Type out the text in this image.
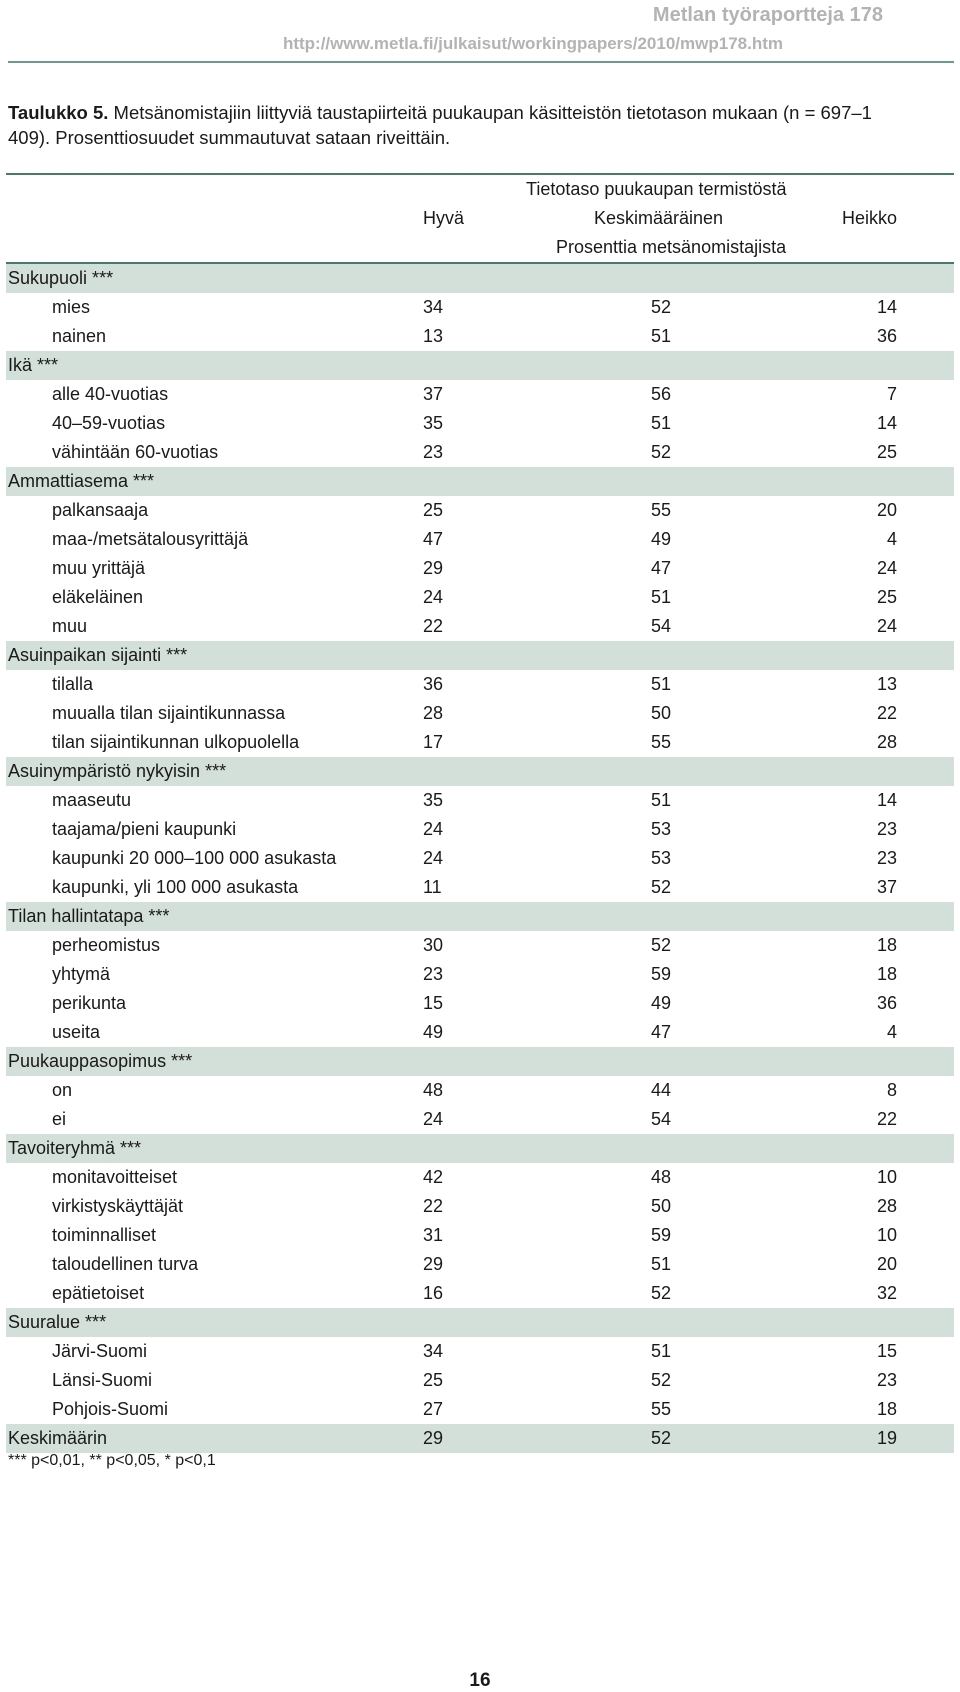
Metlan työraportteja 178
http://www.metla.fi/julkaisut/workingpapers/2010/mwp178.htm
Taulukko 5. Metsänomistajiin liittyviä taustapiirteitä puukaupan käsitteistön tietotason mukaan (n = 697–1 409). Prosenttiosuudet summautuvat sataan riveittäin.
Tietotaso puukaupan termistöstä
Hyvä	Keskimääräinen	Heikko
Prosenttia metsänomistajista
Sukupuoli ***
mies	34	52	14
nainen	13	51	36
Ikä ***
alle 40-vuotias	37	56	7
40–59-vuotias	35	51	14
vähintään 60-vuotias	23	52	25
Ammattiasema ***
palkansaaja	25	55	20
maa-/metsätalousyrittäjä	47	49	4
muu yrittäjä	29	47	24
eläkeläinen	24	51	25
muu	22	54	24
Asuinpaikan sijainti ***
tilalla	36	51	13
muualla tilan sijaintikunnassa	28	50	22
tilan sijaintikunnan ulkopuolella	17	55	28
Asuinympäristö nykyisin ***
maaseutu	35	51	14
taajama/pieni kaupunki	24	53	23
kaupunki 20 000–100 000 asukasta	24	53	23
kaupunki, yli 100 000 asukasta	11	52	37
Tilan hallintatapa ***
perheomistus	30	52	18
yhtymä	23	59	18
perikunta	15	49	36
useita	49	47	4
Puukauppasopimus ***
on	48	44	8
ei	24	54	22
Tavoiteryhmä ***
monitavoitteiset	42	48	10
virkistyskäyttäjät	22	50	28
toiminnalliset	31	59	10
taloudellinen turva	29	51	20
epätietoiset	16	52	32
Suuralue ***
Järvi-Suomi	34	51	15
Länsi-Suomi	25	52	23
Pohjois-Suomi	27	55	18
Keskimäärin	29	52	19
*** p<0,01, ** p<0,05, * p<0,1
16
